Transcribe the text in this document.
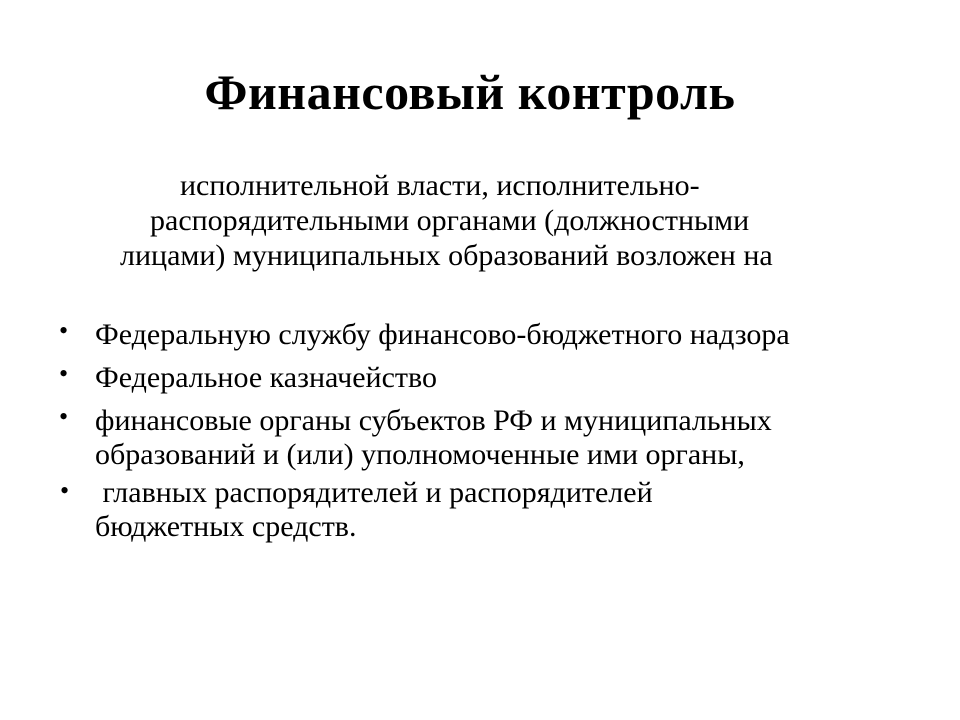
Финансовый контроль
исполнительной власти, исполнительно-
распорядительными органами (должностными
лицами) муниципальных образований возложен на
• Федеральную службу финансово-бюджетного надзора
• Федеральное казначейство
• финансовые органы субъектов РФ и муниципальных
образований и (или) уполномоченные ими органы,
• главных распорядителей и распорядителей
бюджетных средств.
